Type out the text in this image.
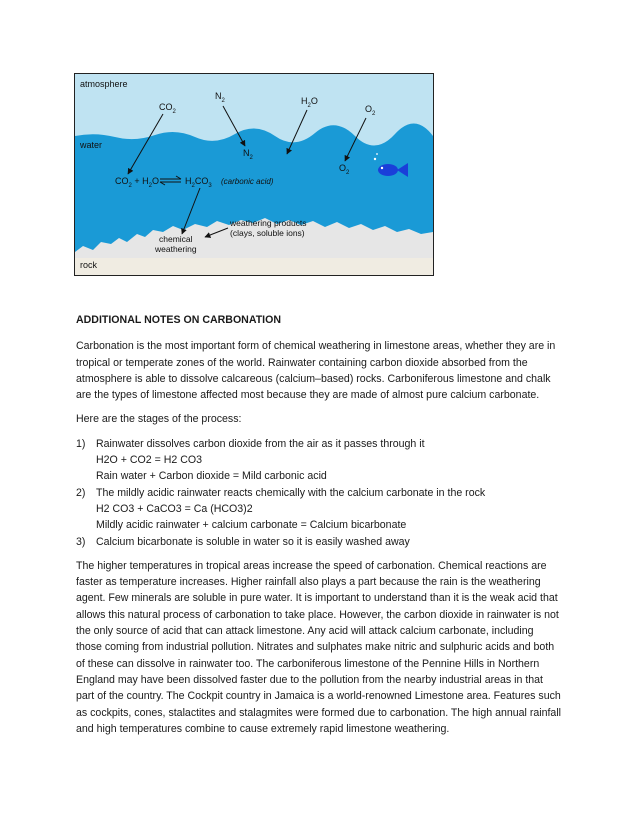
atmosphere
water
rock
$CO_2$
$N_2$
$N_2$
$H_2O$
$O_2$
$O_2$
$CO_2 + H_2O$	$H_2CO_3$ (carbonic acid)
weathering products
(clays, soluble ions)
chemical
weathering

ADDITIONAL NOTES ON CARBONATION

Carbonation is the most important form of chemical weathering in limestone areas, whether they are in tropical or temperate zones of the world. Rainwater containing carbon dioxide absorbed from the atmosphere is able to dissolve calcareous (calcium–based) rocks. Carboniferous limestone and chalk are the types of limestone affected most because they are made of almost pure calcium carbonate.

Here are the stages of the process:

1) Rainwater dissolves carbon dioxide from the air as it passes through it
H2O + CO2 = H2 CO3
Rain water + Carbon dioxide = Mild carbonic acid
2) The mildly acidic rainwater reacts chemically with the calcium carbonate in the rock
H2 CO3 + CaCO3 = Ca (HCO3)2
Mildly acidic rainwater + calcium carbonate = Calcium bicarbonate
3) Calcium bicarbonate is soluble in water so it is easily washed away

The higher temperatures in tropical areas increase the speed of carbonation. Chemical reactions are faster as temperature increases. Higher rainfall also plays a part because the rain is the weathering agent. Few minerals are soluble in pure water. It is important to understand than it is the weak acid that allows this natural process of carbonation to take place. However, the carbon dioxide in rainwater is not the only source of acid that can attack limestone. Any acid will attack calcium carbonate, including those coming from industrial pollution. Nitrates and sulphates make nitric and sulphuric acids and both of these can dissolve in rainwater too. The carboniferous limestone of the Pennine Hills in Northern England may have been dissolved faster due to the pollution from the nearby industrial areas in that part of the country. The Cockpit country in Jamaica is a world-renowned Limestone area. Features such as cockpits, cones, stalactites and stalagmites were formed due to carbonation. The high annual rainfall and high temperatures combine to cause extremely rapid limestone weathering.
